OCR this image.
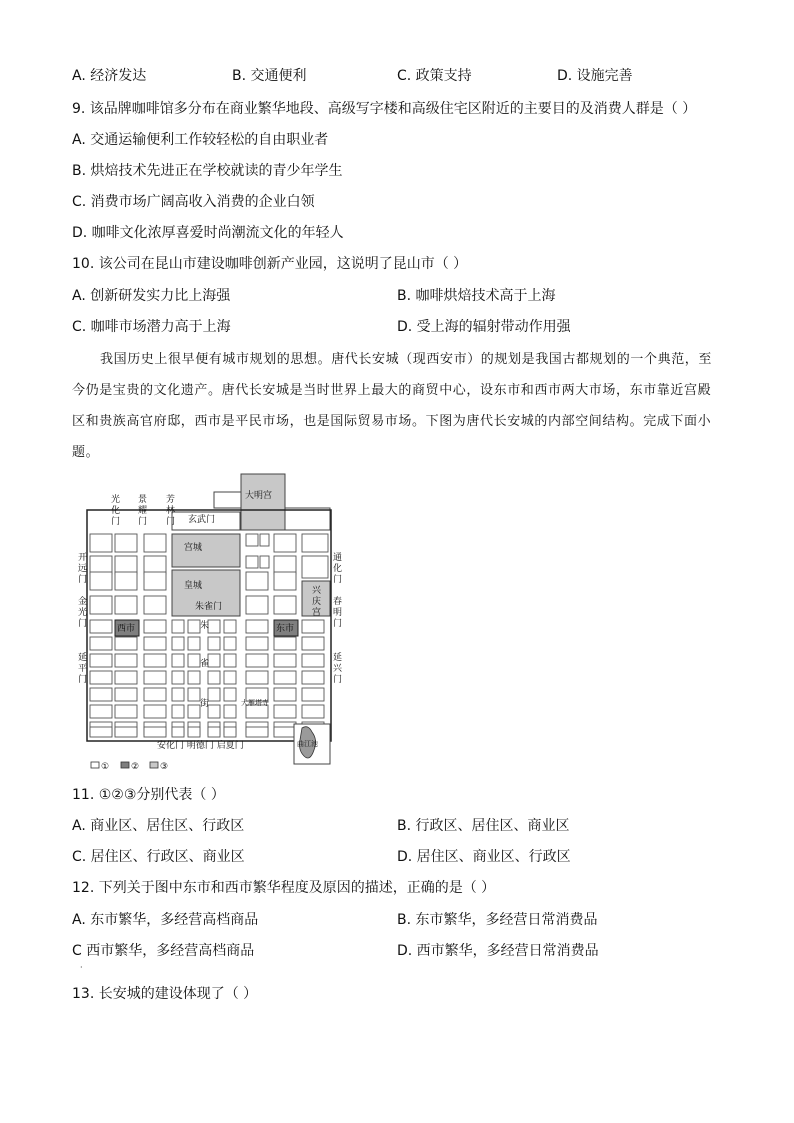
A. 经济发达	B. 交通便利	C. 政策支持	D. 设施完善
9. 该品牌咖啡馆多分布在商业繁华地段、高级写字楼和高级住宅区附近的主要目的及消费人群是（ ）
A. 交通运输便利工作较轻松的自由职业者
B. 烘焙技术先进正在学校就读的青少年学生
C. 消费市场广阔高收入消费的企业白领
D. 咖啡文化浓厚喜爱时尚潮流文化的年轻人
10. 该公司在昆山市建设咖啡创新产业园，这说明了昆山市（ ）
A. 创新研发实力比上海强	B. 咖啡烘焙技术高于上海
C. 咖啡市场潜力高于上海	D. 受上海的辐射带动作用强

我国历史上很早便有城市规划的思想。唐代长安城（现西安市）的规划是我国古都规划的一个典范，至今仍是宝贵的文化遗产。唐代长安城是当时世界上最大的商贸中心，设东市和西市两大市场，东市靠近宫殿区和贵族高官府邸，西市是平民市场，也是国际贸易市场。下图为唐代长安城的内部空间结构。完成下面小题。

大明宫
玄武门
宫城
皇城
朱雀门
西市	东市
朱
雀
街	大雁塔寺
曲江池
安化门 明德门 启夏门
光化门
景耀门
芳林门
开远门
金光门
延平门
通化门
春明门
延兴门
兴庆宫
① ② ③
11. ①②③分别代表（ ）
A. 商业区、居住区、行政区	B. 行政区、居住区、商业区
C. 居住区、行政区、商业区	D. 居住区、商业区、行政区
12. 下列关于图中东市和西市繁华程度及原因的描述，正确的是（ ）
A. 东市繁华，多经营高档商品	B. 东市繁华，多经营日常消费品
C 西市繁华，多经营高档商品	D. 西市繁华，多经营日常消费品
·
13. 长安城的建设体现了（ ）
